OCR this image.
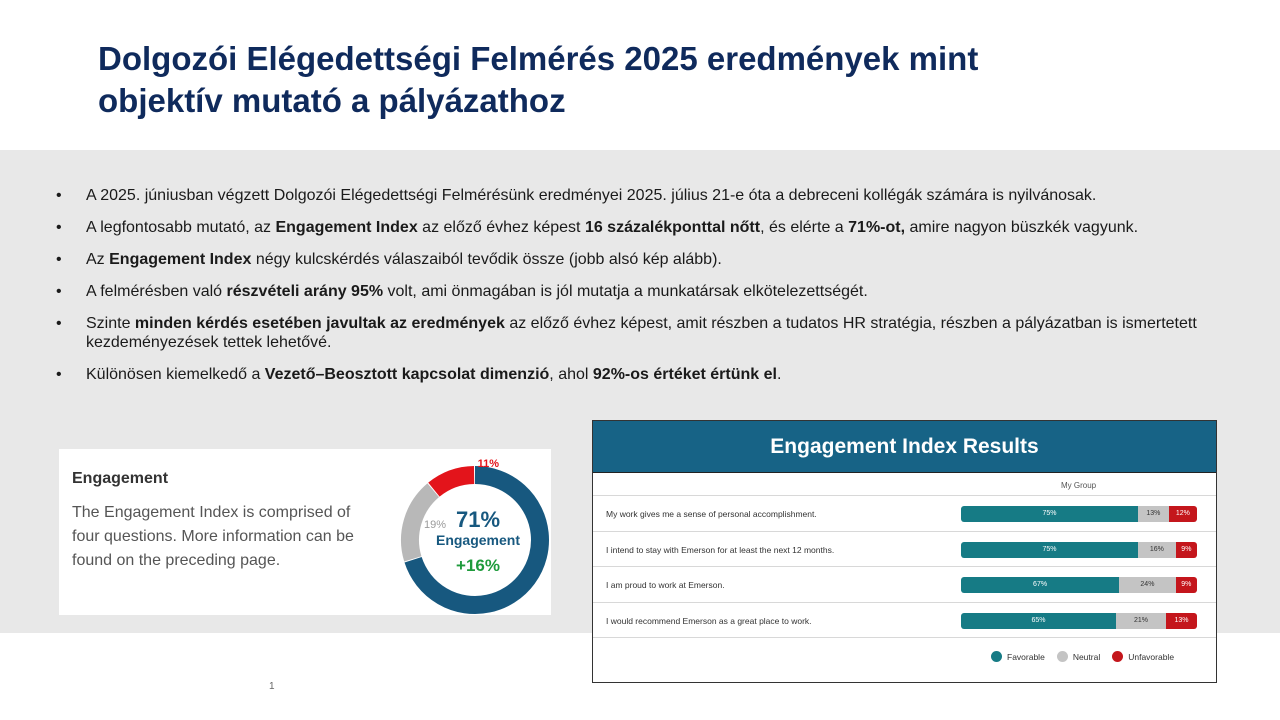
Dolgozói Elégedettségi Felmérés 2025 eredmények mint objektív mutató a pályázathoz
• A 2025. júniusban végzett Dolgozói Elégedettségi Felmérésünk eredményei 2025. július 21-e óta a debreceni kollégák számára is nyilvánosak.
• A legfontosabb mutató, az Engagement Index az előző évhez képest 16 százalékponttal nőtt, és elérte a 71%-ot, amire nagyon büszkék vagyunk.
• Az Engagement Index négy kulcskérdés válaszaiból tevődik össze (jobb alsó kép alább).
• A felmérésben való részvételi arány 95% volt, ami önmagában is jól mutatja a munkatársak elkötelezettségét.
• Szinte minden kérdés esetében javultak az eredmények az előző évhez képest, amit részben a tudatos HR stratégia, részben a pályázatban is ismertetett kezdeményezések tettek lehetővé.
• Különösen kiemelkedő a Vezető–Beosztott kapcsolat dimenzió, ahol 92%-os értéket értünk el.
Engagement
The Engagement Index is comprised of four questions. More information can be found on the preceding page.
71%
Engagement
+16%
11%
19%
Engagement Index Results
My Group
My work gives me a sense of personal accomplishment.	75%	13%	12%
I intend to stay with Emerson for at least the next 12 months.	75%	16%	9%
I am proud to work at Emerson.	67%	24%	9%
I would recommend Emerson as a great place to work.	65%	21%	13%
Favorable	Neutral	Unfavorable
1
